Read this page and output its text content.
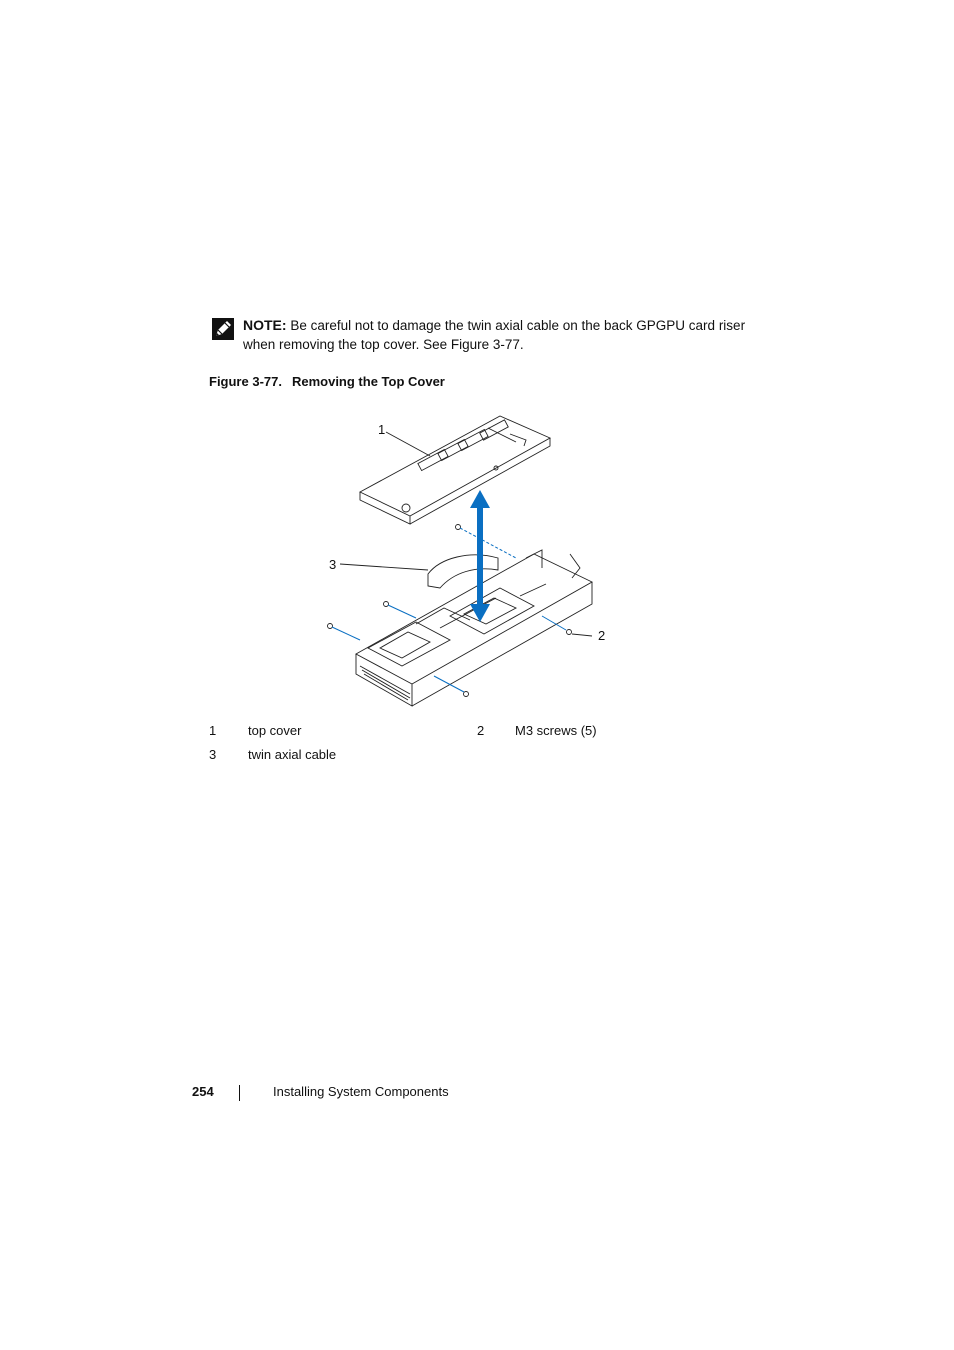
NOTE: Be careful not to damage the twin axial cable on the back GPGPU card riser when removing the top cover. See Figure 3-77.
Figure 3-77. Removing the Top Cover
1
2
3
1 top cover	2 M3 screws (5)
3 twin axial cable
254	Installing System Components
